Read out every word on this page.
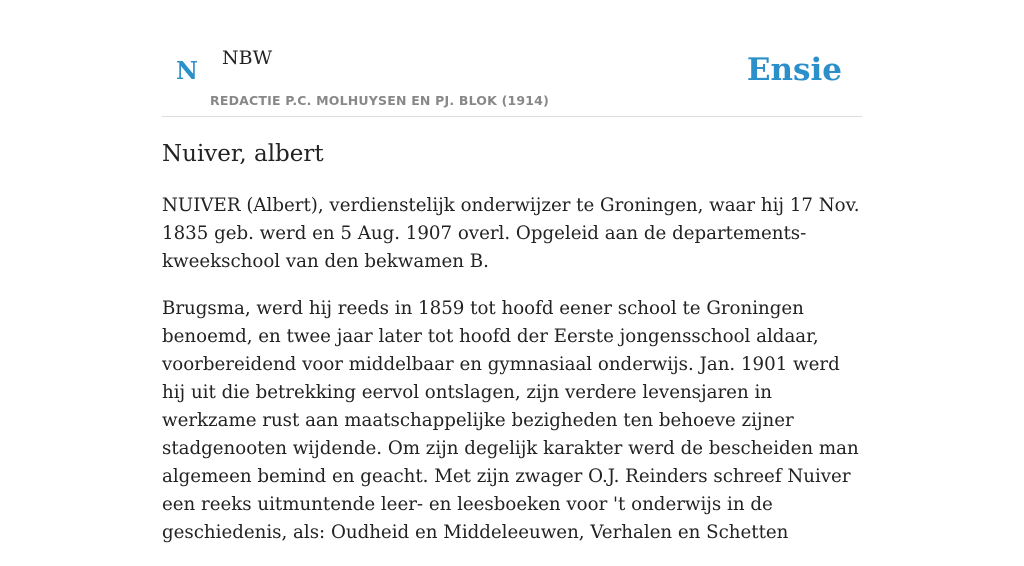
N NBW
REDACTIE P.C. MOLHUYSEN EN PJ. BLOK (1914)
Ensie
Nuiver, albert

NUIVER (Albert), verdienstelijk onderwijzer te Groningen, waar hij 17 Nov. 1835 geb. werd en 5 Aug. 1907 overl. Opgeleid aan de departements-kweekschool van den bekwamen B.

Brugsma, werd hij reeds in 1859 tot hoofd eener school te Groningen benoemd, en twee jaar later tot hoofd der Eerste jongensschool aldaar, voorbereidend voor middelbaar en gymnasiaal onderwijs. Jan. 1901 werd hij uit die betrekking eervol ontslagen, zijn verdere levensjaren in werkzame rust aan maatschappelijke bezigheden ten behoeve zijner stadgenooten wijdende. Om zijn degelijk karakter werd de bescheiden man algemeen bemind en geacht. Met zijn zwager O.J. Reinders schreef Nuiver een reeks uitmuntende leer- en leesboeken voor 't onderwijs in de geschiedenis, als: Oudheid en Middeleeuwen, Verhalen en Schetten
